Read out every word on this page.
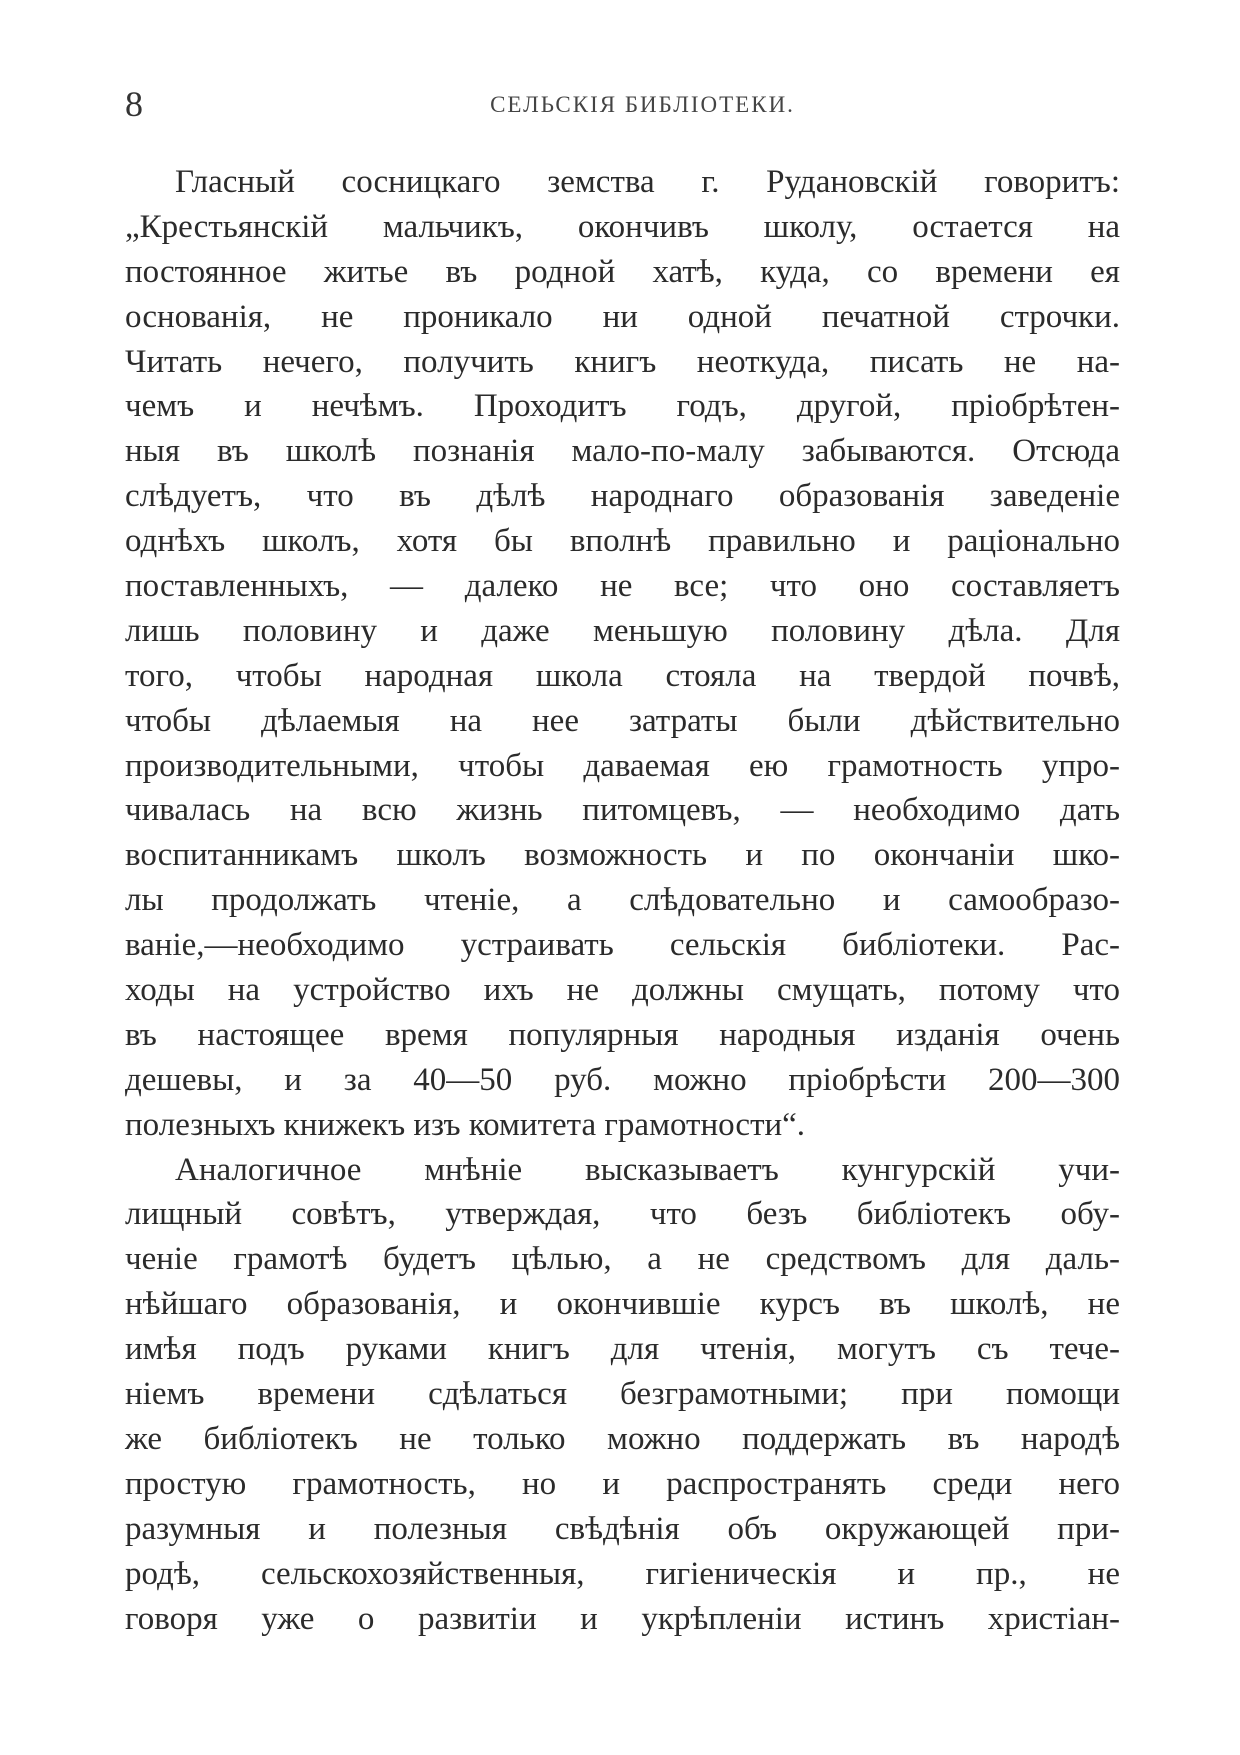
8	СЕЛЬСКІЯ БИБЛІОТЕКИ.
Гласный сосницкаго земства г. Рудановскій говоритъ:
„Крестьянскій мальчикъ, окончивъ школу, остается на
постоянное житье въ родной хатѣ, куда, со времени ея
основанія, не проникало ни одной печатной строчки.
Читать нечего, получить книгъ неоткуда, писать не на-
чемъ и нечѣмъ. Проходитъ годъ, другой, пріобрѣтен-
ныя въ школѣ познанія мало-по-малу забываются. Отсюда
слѣдуетъ, что въ дѣлѣ народнаго образованія заведеніе
однѣхъ школъ, хотя бы вполнѣ правильно и раціонально
поставленныхъ, — далеко не все; что оно составляетъ
лишь половину и даже меньшую половину дѣла. Для
того, чтобы народная школа стояла на твердой почвѣ,
чтобы дѣлаемыя на нее затраты были дѣйствительно
производительными, чтобы даваемая ею грамотность упро-
чивалась на всю жизнь питомцевъ, — необходимо дать
воспитанникамъ школъ возможность и по окончаніи шко-
лы продолжать чтеніе, а слѣдовательно и самообразо-
ваніе,—необходимо устраивать сельскія библіотеки. Рас-
ходы на устройство ихъ не должны смущать, потому что
въ настоящее время популярныя народныя изданія очень
дешевы, и за 40—50 руб. можно пріобрѣсти 200—300
полезныхъ книжекъ изъ комитета грамотности“.
Аналогичное мнѣніе высказываетъ кунгурскій учи-
лищный совѣтъ, утверждая, что безъ библіотекъ обу-
ченіе грамотѣ будетъ цѣлью, а не средствомъ для даль-
нѣйшаго образованія, и окончившіе курсъ въ школѣ, не
имѣя подъ руками книгъ для чтенія, могутъ съ тече-
ніемъ времени сдѣлаться безграмотными; при помощи
же библіотекъ не только можно поддержать въ народѣ
простую грамотность, но и распространять среди него
разумныя и полезныя свѣдѣнія объ окружающей при-
родѣ, сельскохозяйственныя, гигіеническія и пр., не
говоря уже о развитіи и укрѣпленіи истинъ христіан-
